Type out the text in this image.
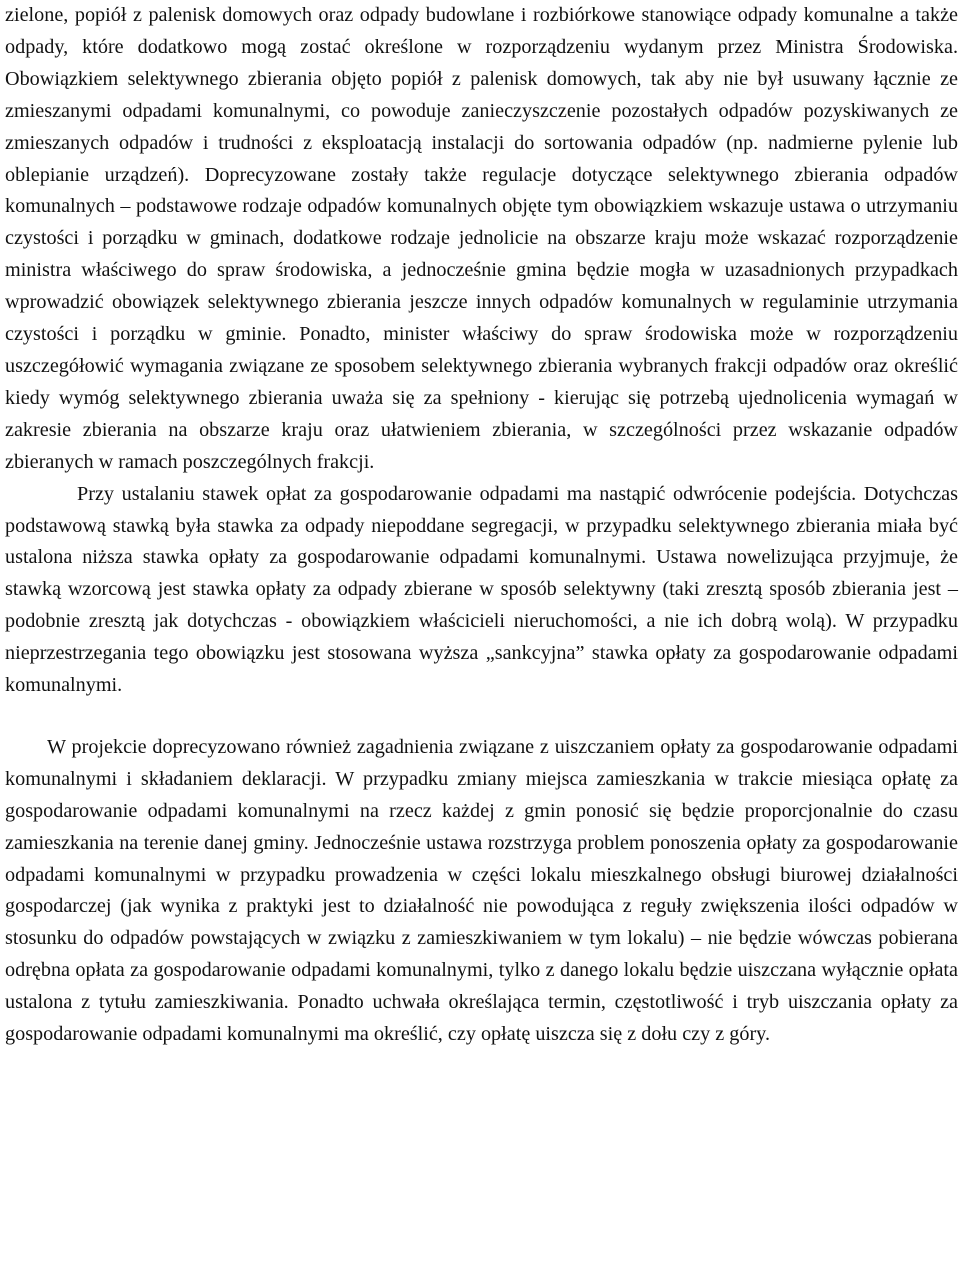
zielone, popiół z palenisk domowych oraz odpady budowlane i rozbiórkowe stanowiące odpady komunalne a także odpady, które dodatkowo mogą zostać określone w rozporządzeniu wydanym przez Ministra Środowiska. Obowiązkiem selektywnego zbierania objęto popiół z palenisk domowych, tak aby nie był usuwany łącznie ze zmieszanymi odpadami komunalnymi, co powoduje zanieczyszczenie pozostałych odpadów pozyskiwanych ze zmieszanych odpadów i trudności z eksploatacją instalacji do sortowania odpadów (np. nadmierne pylenie lub oblepianie urządzeń). Doprecyzowane zostały także regulacje dotyczące selektywnego zbierania odpadów komunalnych – podstawowe rodzaje odpadów komunalnych objęte tym obowiązkiem wskazuje ustawa o utrzymaniu czystości i porządku w gminach, dodatkowe rodzaje jednolicie na obszarze kraju może wskazać rozporządzenie ministra właściwego do spraw środowiska, a jednocześnie gmina będzie mogła w uzasadnionych przypadkach wprowadzić obowiązek selektywnego zbierania jeszcze innych odpadów komunalnych w regulaminie utrzymania czystości i porządku w gminie. Ponadto, minister właściwy do spraw środowiska może w rozporządzeniu uszczegółowić wymagania związane ze sposobem selektywnego zbierania wybranych frakcji odpadów oraz określić kiedy wymóg selektywnego zbierania uważa się za spełniony - kierując się potrzebą ujednolicenia wymagań w zakresie zbierania na obszarze kraju oraz ułatwieniem zbierania, w szczególności przez wskazanie odpadów zbieranych w ramach poszczególnych frakcji.

Przy ustalaniu stawek opłat za gospodarowanie odpadami ma nastąpić odwrócenie podejścia. Dotychczas podstawową stawką była stawka za odpady niepoddane segregacji, w przypadku selektywnego zbierania miała być ustalona niższa stawka opłaty za gospodarowanie odpadami komunalnymi. Ustawa nowelizująca przyjmuje, że stawką wzorcową jest stawka opłaty za odpady zbierane w sposób selektywny (taki zresztą sposób zbierania jest – podobnie zresztą jak dotychczas - obowiązkiem właścicieli nieruchomości, a nie ich dobrą wolą). W przypadku nieprzestrzegania tego obowiązku jest stosowana wyższa „sankcyjna” stawka opłaty za gospodarowanie odpadami komunalnymi.

W projekcie doprecyzowano również zagadnienia związane z uiszczaniem opłaty za gospodarowanie odpadami komunalnymi i składaniem deklaracji. W przypadku zmiany miejsca zamieszkania w trakcie miesiąca opłatę za gospodarowanie odpadami komunalnymi na rzecz każdej z gmin ponosić się będzie proporcjonalnie do czasu zamieszkania na terenie danej gminy. Jednocześnie ustawa rozstrzyga problem ponoszenia opłaty za gospodarowanie odpadami komunalnymi w przypadku prowadzenia w części lokalu mieszkalnego obsługi biurowej działalności gospodarczej (jak wynika z praktyki jest to działalność nie powodująca z reguły zwiększenia ilości odpadów w stosunku do odpadów powstających w związku z zamieszkiwaniem w tym lokalu) – nie będzie wówczas pobierana odrębna opłata za gospodarowanie odpadami komunalnymi, tylko z danego lokalu będzie uiszczana wyłącznie opłata ustalona z tytułu zamieszkiwania. Ponadto uchwała określająca termin, częstotliwość i tryb uiszczania opłaty za gospodarowanie odpadami komunalnymi ma określić, czy opłatę uiszcza się z dołu czy z góry.
